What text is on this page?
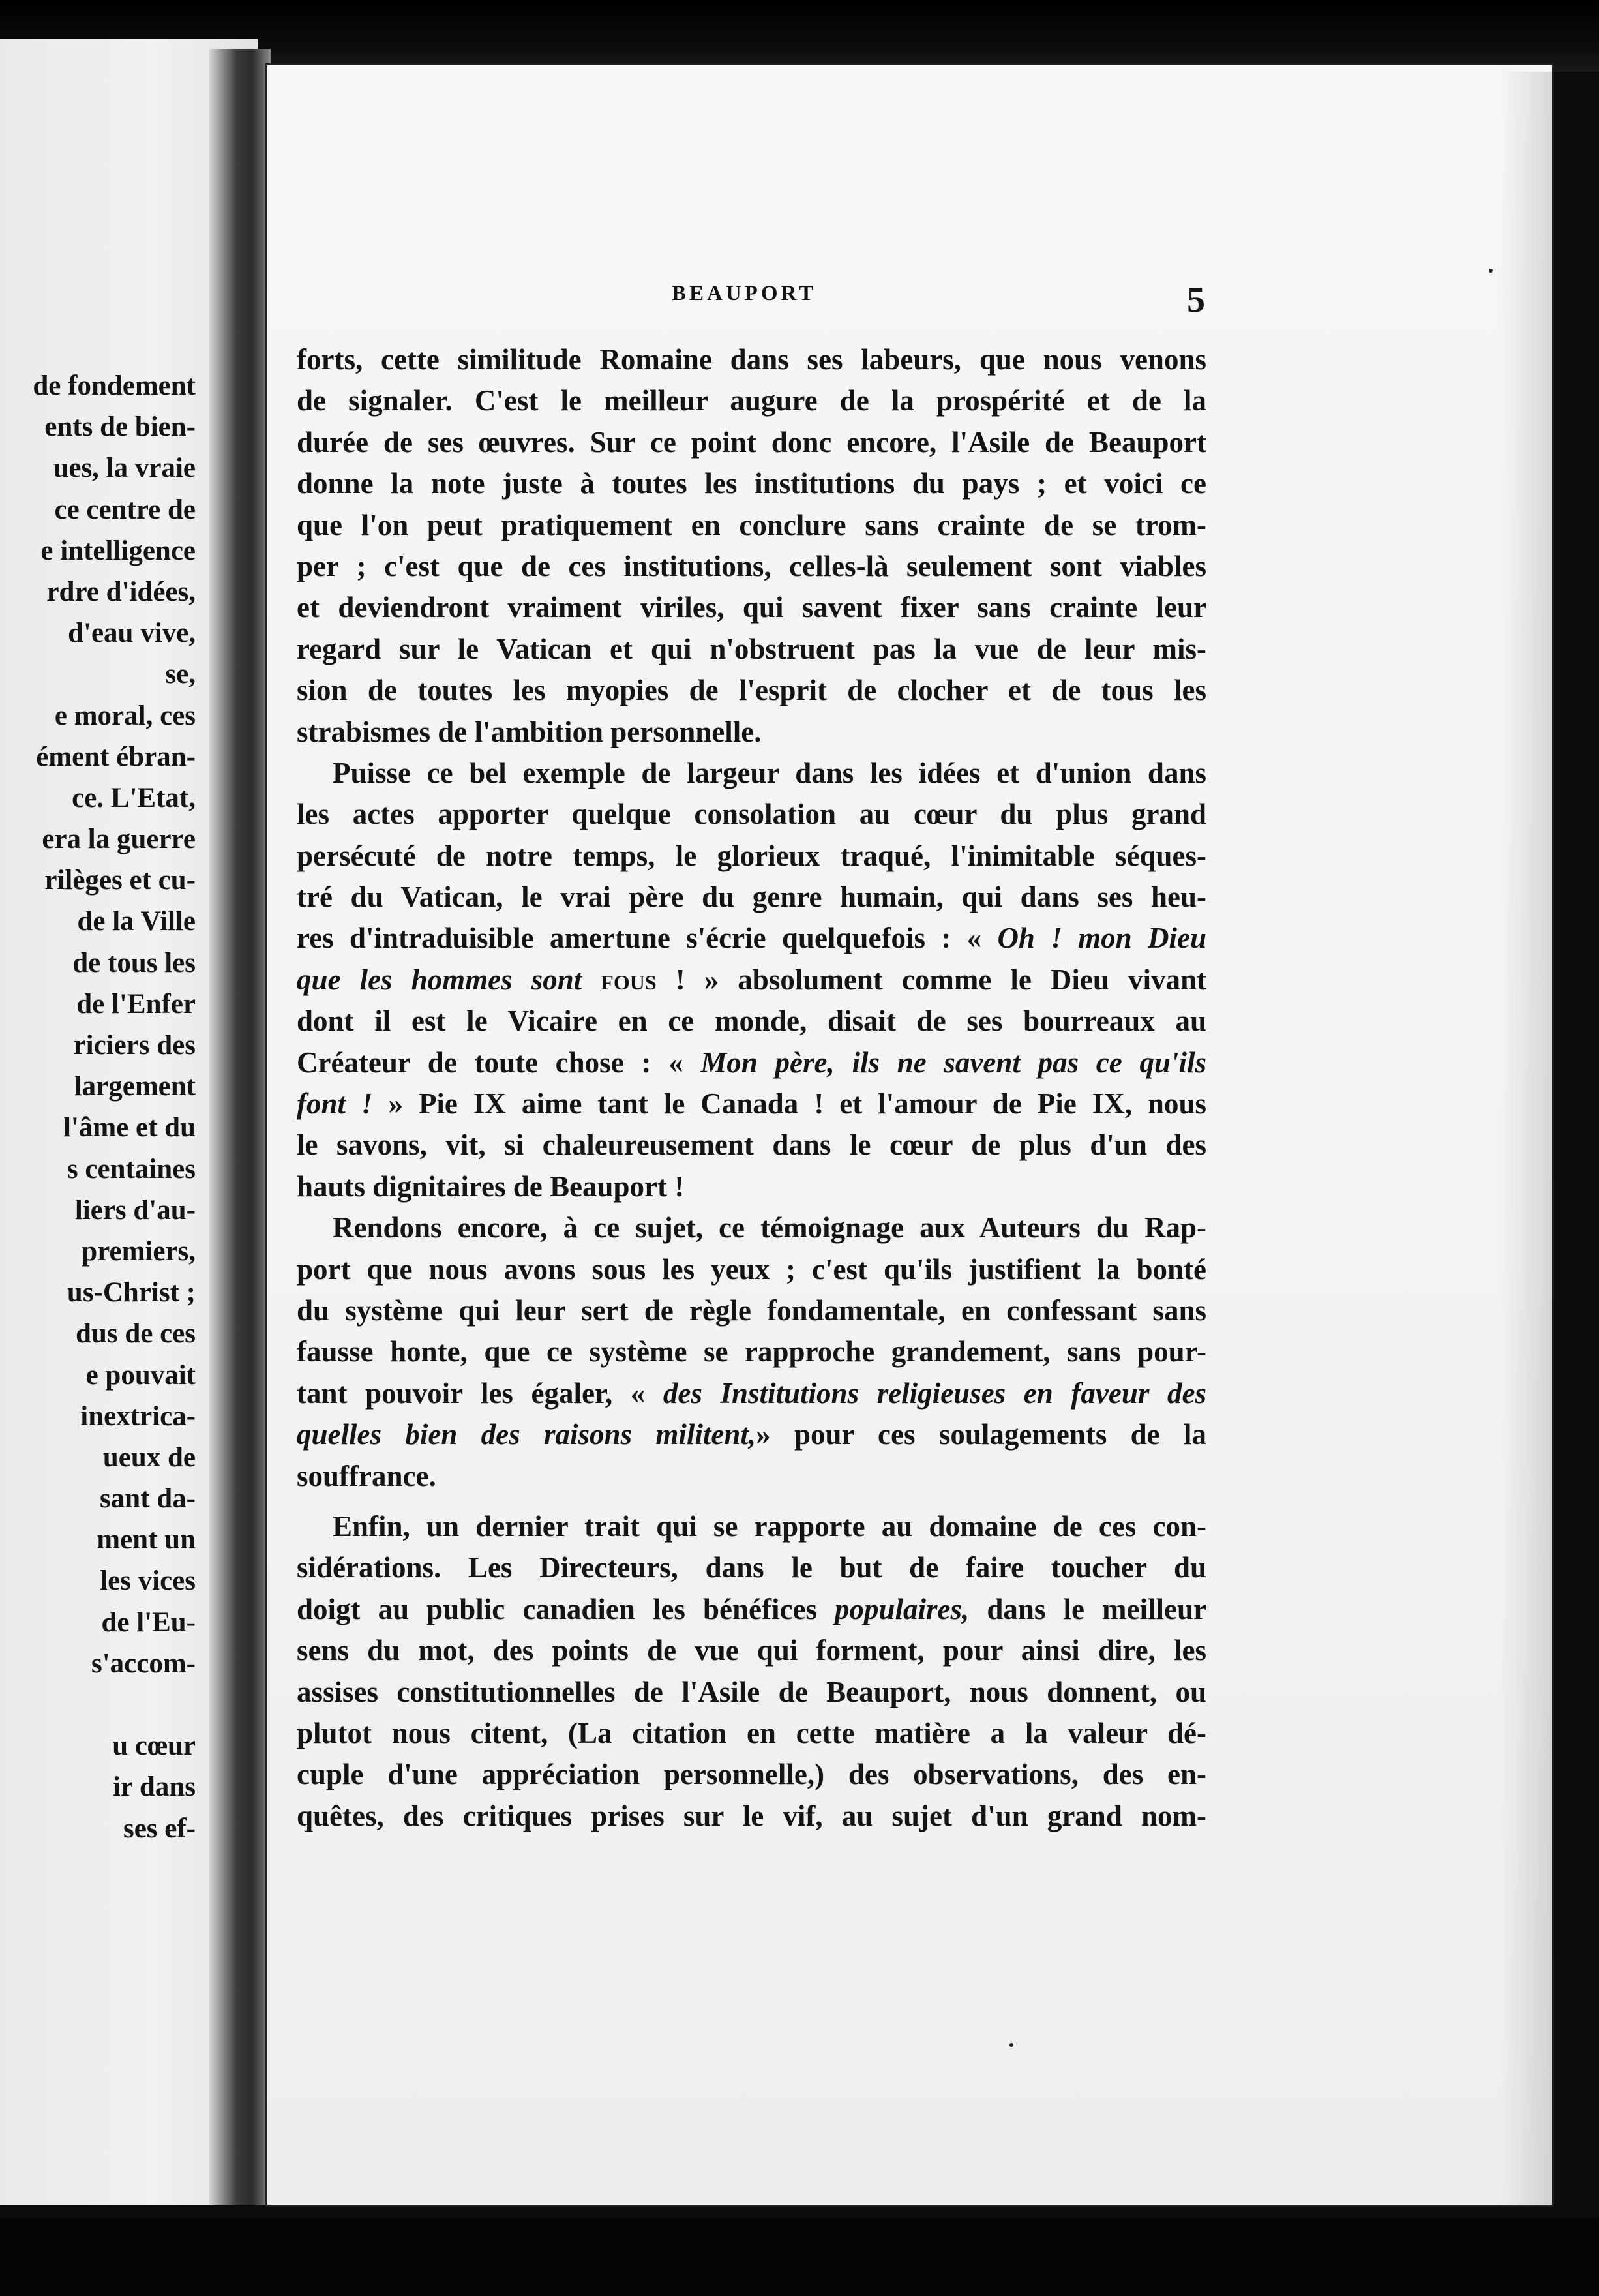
de fondement
ents de bien-
ues, la vraie
ce centre de
e intelligence
rdre d'idées,
d'eau vive,
se,
e moral, ces
ément ébran-
ce. L'Etat,
era la guerre
rilèges et cu-
de la Ville
de tous les
de l'Enfer
riciers des
largement
l'âme et du
s centaines
liers d'au-
premiers,
us-Christ ;
dus de ces
e pouvait
inextrica-
ueux de
sant da-
ment un
les vices
de l'Eu-
s'accom-
u cœur
ir dans
ses ef-
BEAUPORT	5
forts, cette similitude Romaine dans ses labeurs, que nous venons
de signaler. C'est le meilleur augure de la prospérité et de la
durée de ses œuvres. Sur ce point donc encore, l'Asile de Beauport
donne la note juste à toutes les institutions du pays ; et voici ce
que l'on peut pratiquement en conclure sans crainte de se trom-
per ; c'est que de ces institutions, celles-là seulement sont viables
et deviendront vraiment viriles, qui savent fixer sans crainte leur
regard sur le Vatican et qui n'obstruent pas la vue de leur mis-
sion de toutes les myopies de l'esprit de clocher et de tous les
strabismes de l'ambition personnelle.
Puisse ce bel exemple de largeur dans les idées et d'union dans
les actes apporter quelque consolation au cœur du plus grand
persécuté de notre temps, le glorieux traqué, l'inimitable séques-
tré du Vatican, le vrai père du genre humain, qui dans ses heu-
res d'intraduisible amertune s'écrie quelquefois : « Oh ! mon Dieu
que les hommes sont fous ! » absolument comme le Dieu vivant
dont il est le Vicaire en ce monde, disait de ses bourreaux au
Créateur de toute chose : « Mon père, ils ne savent pas ce qu'ils
font ! » Pie IX aime tant le Canada ! et l'amour de Pie IX, nous
le savons, vit, si chaleureusement dans le cœur de plus d'un des
hauts dignitaires de Beauport !
Rendons encore, à ce sujet, ce témoignage aux Auteurs du Rap-
port que nous avons sous les yeux ; c'est qu'ils justifient la bonté
du système qui leur sert de règle fondamentale, en confessant sans
fausse honte, que ce système se rapproche grandement, sans pour-
tant pouvoir les égaler, « des Institutions religieuses en faveur des
quelles bien des raisons militent,» pour ces soulagements de la
souffrance.
Enfin, un dernier trait qui se rapporte au domaine de ces con-
sidérations. Les Directeurs, dans le but de faire toucher du
doigt au public canadien les bénéfices populaires, dans le meilleur
sens du mot, des points de vue qui forment, pour ainsi dire, les
assises constitutionnelles de l'Asile de Beauport, nous donnent, ou
plutot nous citent, (La citation en cette matière a la valeur dé-
cuple d'une appréciation personnelle,) des observations, des en-
quêtes, des critiques prises sur le vif, au sujet d'un grand nom-
